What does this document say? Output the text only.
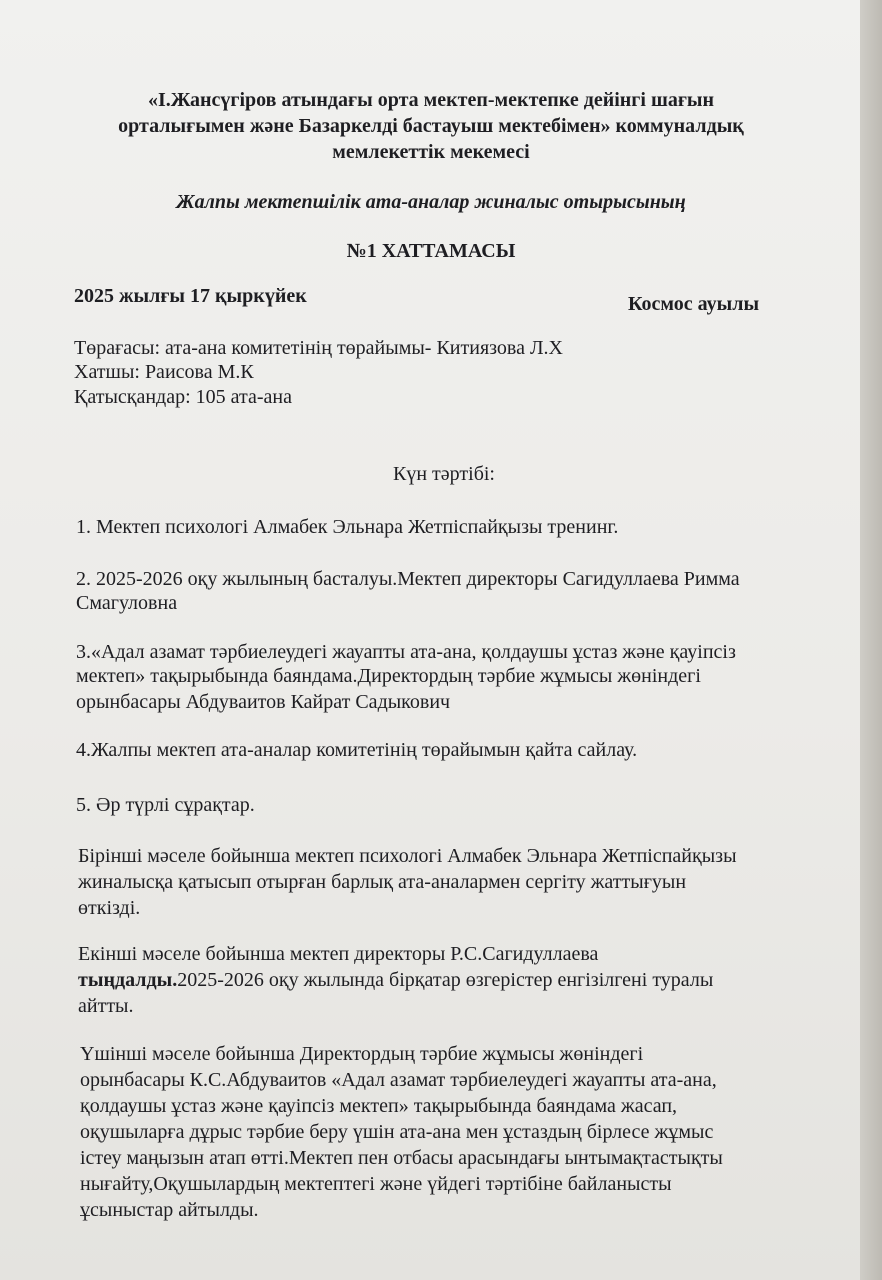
«І.Жансүгіров атындағы орта мектеп-мектепке дейінгі шағын

орталығымен және Базаркелді бастауыш мектебімен» коммуналдық

мемлекеттік мекемесі

Жалпы мектепшілік ата-аналар жиналыс отырысының

№1 ХАТТАМАСЫ

2025 жылғы 17 қыркүйек	Космос ауылы

Төрағасы: ата-ана комитетінің төрайымы- Китиязова Л.Х

Хатшы: Раисова М.К

Қатысқандар: 105 ата-ана

Күн тәртібі:

1. Мектеп психологі Алмабек Эльнара Жетпіспайқызы тренинг.

2. 2025-2026 оқу жылының басталуы.Мектеп директоры Сагидуллаева Римма

Смагуловна

3.«Адал азамат тәрбиелеудегі жауапты ата-ана, қолдаушы ұстаз және қауіпсіз

мектеп» тақырыбында баяндама.Директордың тәрбие жұмысы жөніндегі

орынбасары Абдуваитов Кайрат Садыкович

4.Жалпы мектеп ата-аналар комитетінің төрайымын қайта сайлау.

5. Әр түрлі сұрақтар.

Бірінші мәселе бойынша мектеп психологі Алмабек Эльнара Жетпіспайқызы

жиналысқа қатысып отырған барлық ата-аналармен сергіту жаттығуын

өткізді.

Екінші мәселе бойынша мектеп директоры Р.С.Сагидуллаева

тыңдалды.2025-2026 оқу жылында бірқатар өзгерістер енгізілгені туралы

айтты.

Үшінші мәселе бойынша Директордың тәрбие жұмысы жөніндегі

орынбасары К.С.Абдуваитов «Адал азамат тәрбиелеудегі жауапты ата-ана,

қолдаушы ұстаз және қауіпсіз мектеп» тақырыбында баяндама жасап,

оқушыларға дұрыс тәрбие беру үшін ата-ана мен ұстаздың бірлесе жұмыс

істеу маңызын атап өтті.Мектеп пен отбасы арасындағы ынтымақтастықты

нығайту,Оқушылардың мектептегі және үйдегі тәртібіне байланысты

ұсыныстар айтылды.
